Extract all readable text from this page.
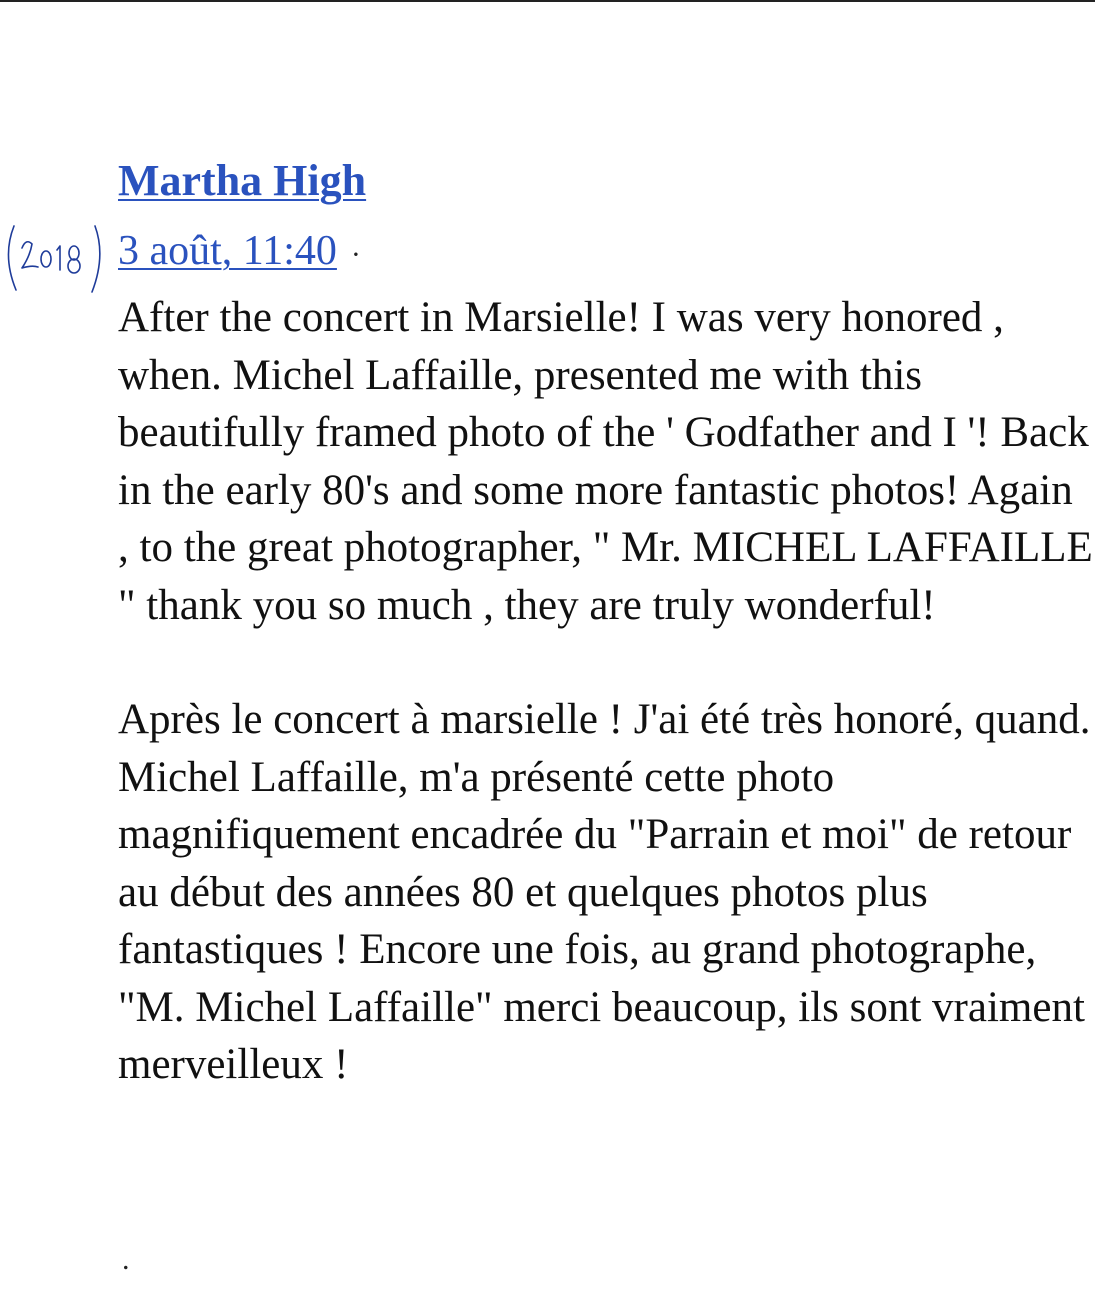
Martha High
3 août, 11:40 ·

After the concert in Marsielle! I was very honored , when. Michel Laffaille, presented me with this beautifully framed photo of the ' Godfather and I '! Back in the early 80's and some more fantastic photos! Again , to the great photographer, " Mr. MICHEL LAFFAILLE " thank you so much , they are truly wonderful!

Après le concert à marsielle ! J'ai été très honoré, quand. Michel Laffaille, m'a présenté cette photo magnifiquement encadrée du "Parrain et moi" de retour au début des années 80 et quelques photos plus fantastiques ! Encore une fois, au grand photographe, "M. Michel Laffaille" merci beaucoup, ils sont vraiment merveilleux !

.
